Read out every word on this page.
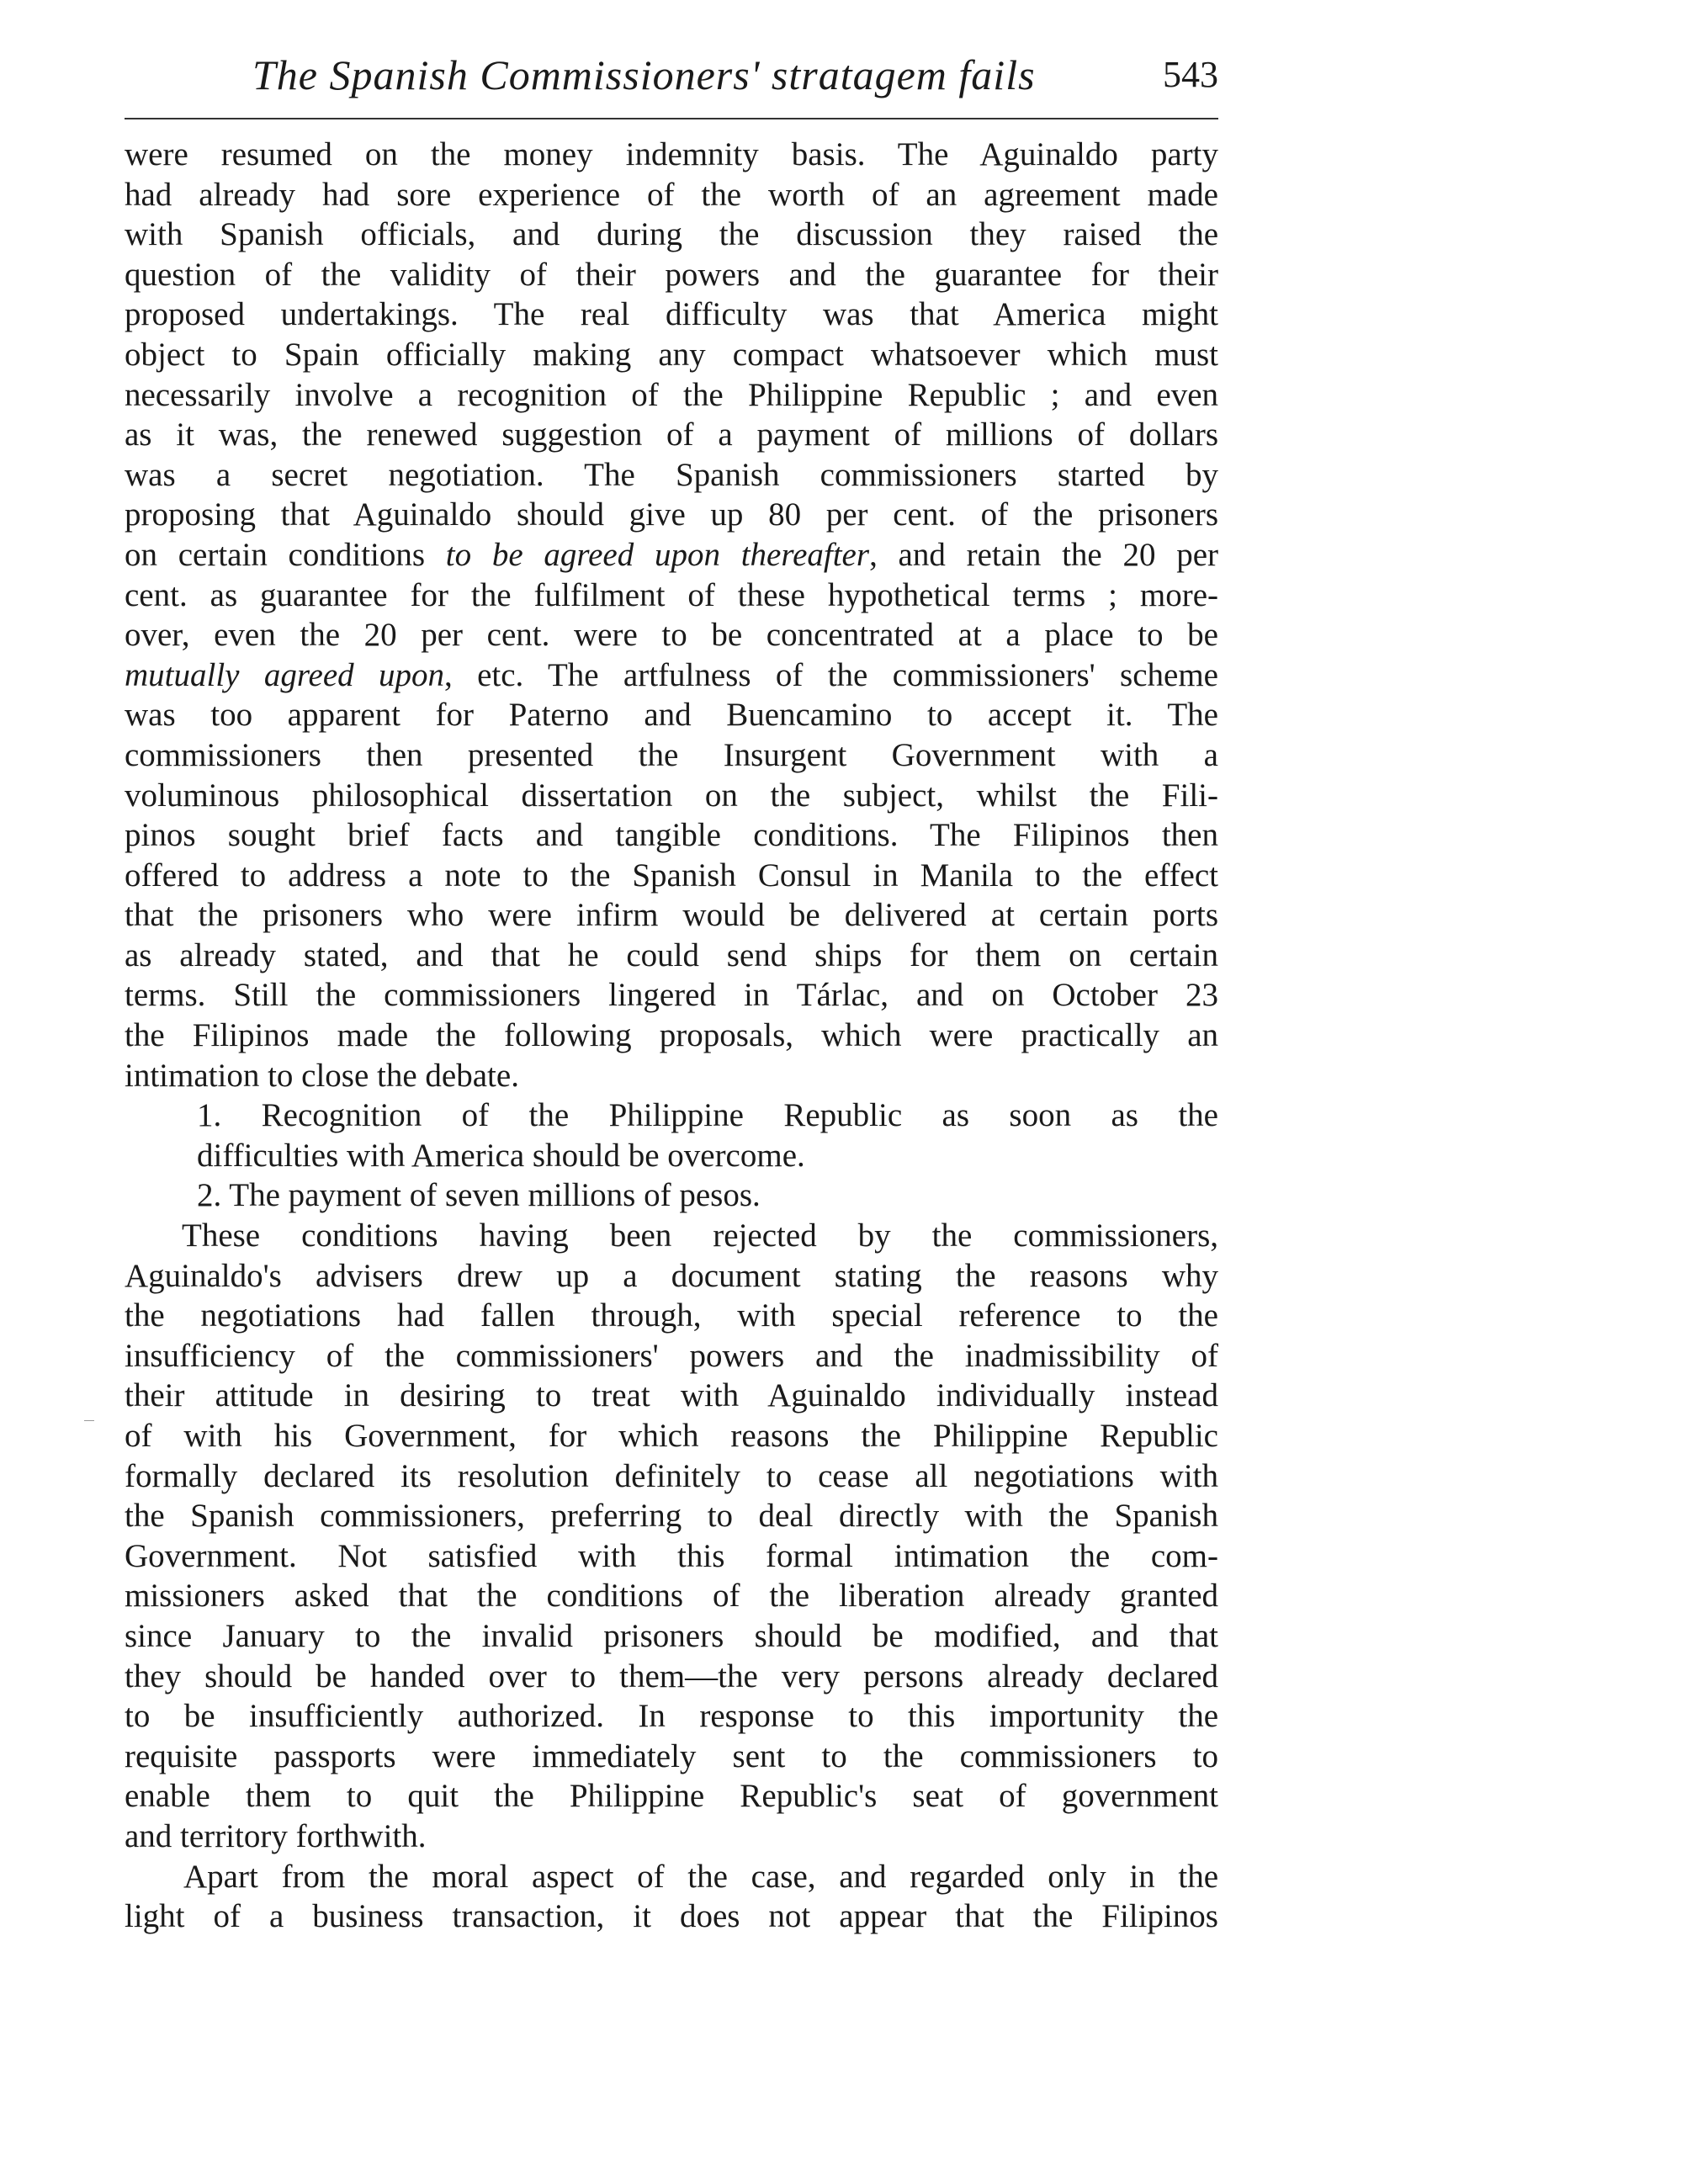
The Spanish Commissioners' stratagem fails	543
were resumed on the money indemnity basis. The Aguinaldo party
had already had sore experience of the worth of an agreement made
with Spanish officials, and during the discussion they raised the
question of the validity of their powers and the guarantee for their
proposed undertakings. The real difficulty was that America might
object to Spain officially making any compact whatsoever which must
necessarily involve a recognition of the Philippine Republic ; and even
as it was, the renewed suggestion of a payment of millions of dollars
was a secret negotiation. The Spanish commissioners started by
proposing that Aguinaldo should give up 80 per cent. of the prisoners
on certain conditions to be agreed upon thereafter, and retain the 20 per
cent. as guarantee for the fulfilment of these hypothetical terms ; more-
over, even the 20 per cent. were to be concentrated at a place to be
mutually agreed upon, etc. The artfulness of the commissioners' scheme
was too apparent for Paterno and Buencamino to accept it. The
commissioners then presented the Insurgent Government with a
voluminous philosophical dissertation on the subject, whilst the Fili-
pinos sought brief facts and tangible conditions. The Filipinos then
offered to address a note to the Spanish Consul in Manila to the effect
that the prisoners who were infirm would be delivered at certain ports
as already stated, and that he could send ships for them on certain
terms. Still the commissioners lingered in Tárlac, and on October 23
the Filipinos made the following proposals, which were practically an
intimation to close the debate.
1. Recognition of the Philippine Republic as soon as the
difficulties with America should be overcome.
2. The payment of seven millions of pesos.
These conditions having been rejected by the commissioners,
Aguinaldo's advisers drew up a document stating the reasons why
the negotiations had fallen through, with special reference to the
insufficiency of the commissioners' powers and the inadmissibility of
their attitude in desiring to treat with Aguinaldo individually instead
of with his Government, for which reasons the Philippine Republic
formally declared its resolution definitely to cease all negotiations with
the Spanish commissioners, preferring to deal directly with the Spanish
Government. Not satisfied with this formal intimation the com-
missioners asked that the conditions of the liberation already granted
since January to the invalid prisoners should be modified, and that
they should be handed over to them—the very persons already declared
to be insufficiently authorized. In response to this importunity the
requisite passports were immediately sent to the commissioners to
enable them to quit the Philippine Republic's seat of government
and territory forthwith.
Apart from the moral aspect of the case, and regarded only in the
light of a business transaction, it does not appear that the Filipinos
